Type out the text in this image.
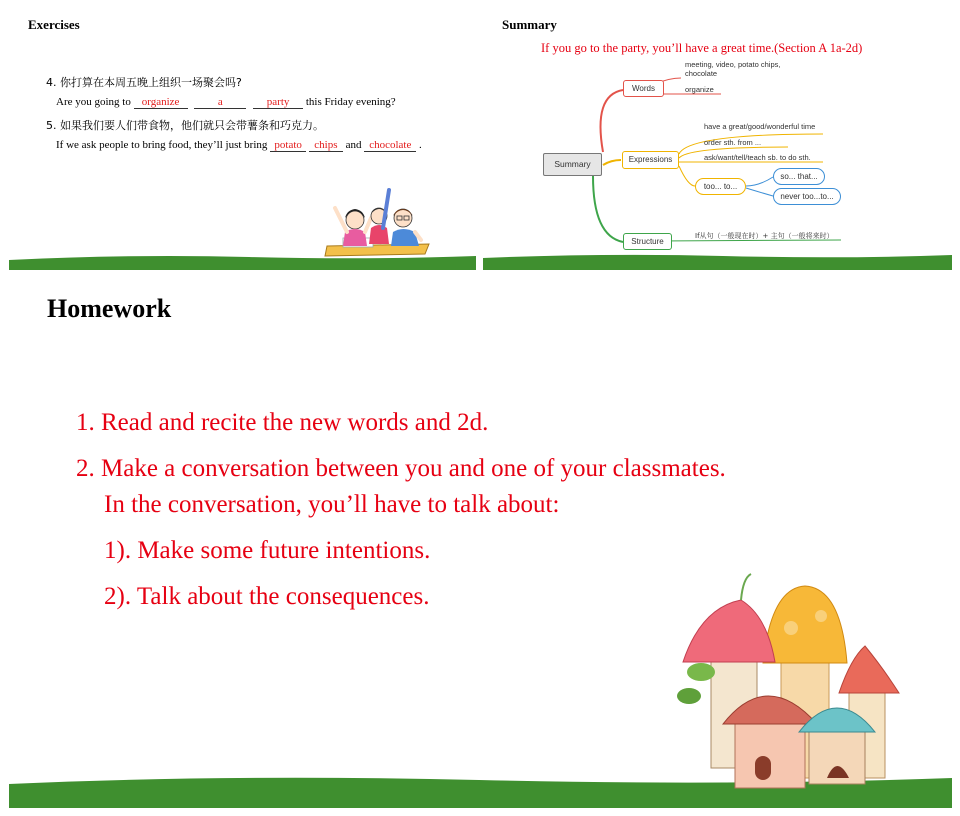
Exercises
4. 你打算在本周五晚上组织一场聚会吗?
Are you going to organize	a	party this Friday evening?
5. 如果我们要人们带食物，他们就只会带薯条和巧克力。
If we ask people to bring food, they’ll just bring potato chips and chocolate .
Summary
If you go to the party, you’ll have a great time.(Section A 1a-2d)
Summary
Words
Expressions
Structure
meeting, video, potato chips,
chocolate
organize
have a great/good/wonderful time
order sth. from ...
ask/want/tell/teach sb. to do sth.
too... to...
so... that...
never too...to...
If从句（一般现在时）+ 主句（一般将来时）
Homework
1. Read and recite the new words and 2d.
2. Make a conversation between you and one of your classmates.
In the conversation, you’ll have to talk about:
1). Make some future intentions.
2). Talk about the consequences.
